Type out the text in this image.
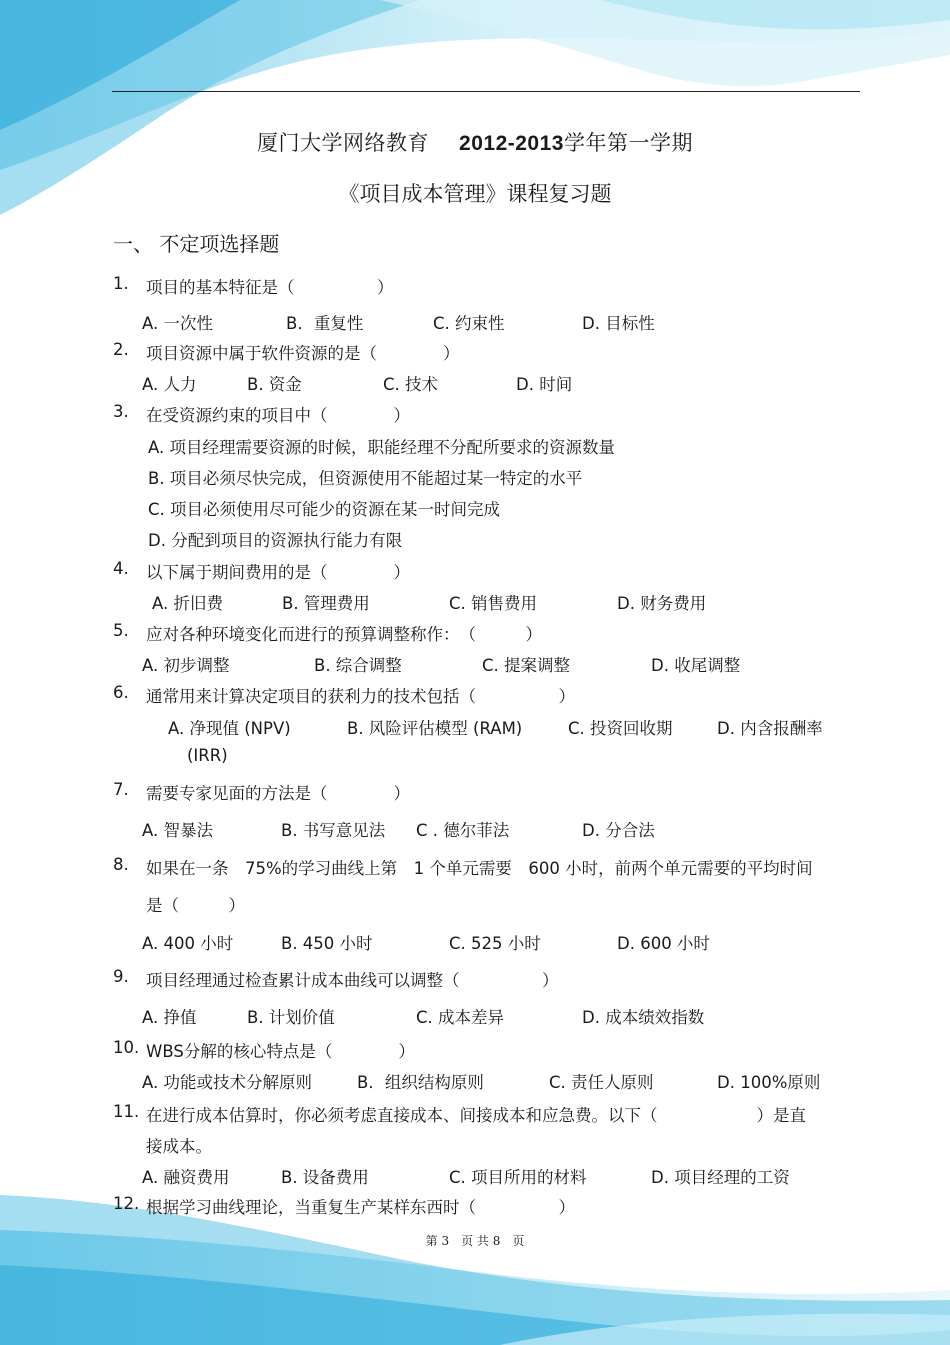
厦门大学网络教育 2012-2013学年第一学期
《项目成本管理》课程复习题
一、 不定项选择题
1. 项目的基本特征是（　　　　　）
A. 一次性	B．重复性	C. 约束性	D. 目标性
2. 项目资源中属于软件资源的是（　　　　）
A. 人力	B. 资金	C. 技术	D. 时间
3. 在受资源约束的项目中（　　　　）
A. 项目经理需要资源的时候，职能经理不分配所要求的资源数量
B. 项目必须尽快完成，但资源使用不能超过某一特定的水平
C. 项目必须使用尽可能少的资源在某一时间完成
D. 分配到项目的资源执行能力有限
4. 以下属于期间费用的是（　　　　）
A. 折旧费	B. 管理费用	C. 销售费用	D. 财务费用
5. 应对各种环境变化而进行的预算调整称作：　（　　　）
A. 初步调整	B. 综合调整	C. 提案调整	D. 收尾调整
6. 通常用来计算决定项目的获利力的技术包括（　　　　　）
A. 净现值 (NPV)	B. 风险评估模型 (RAM)	C. 投资回收期	D. 内含报酬率
(IRR)
7. 需要专家见面的方法是（　　　　）
A. 智暴法	B. 书写意见法 C . 德尔菲法	D. 分合法
8. 如果在一条　75%的学习曲线上第　1 个单元需要　600 小时，前两个单元需要的平均时间
是（　　　）
A. 400 小时	B. 450 小时	C. 525 小时	D. 600 小时
9. 项目经理通过检查累计成本曲线可以调整（　　　　　）
A. 挣值	B. 计划价值	C. 成本差异	D. 成本绩效指数
10. WBS分解的核心特点是（　　　　）
A. 功能或技术分解原则	B．组织结构原则	C. 责任人原则	D. 100%原则
11. 在进行成本估算时，你必须考虑直接成本、间接成本和应急费。以下（　　　　　　）是直
接成本。
A. 融资费用	B. 设备费用	C. 项目所用的材料	D. 项目经理的工资
12. 根据学习曲线理论，当重复生产某样东西时（　　　　　）
第 3　页 共 8　页
